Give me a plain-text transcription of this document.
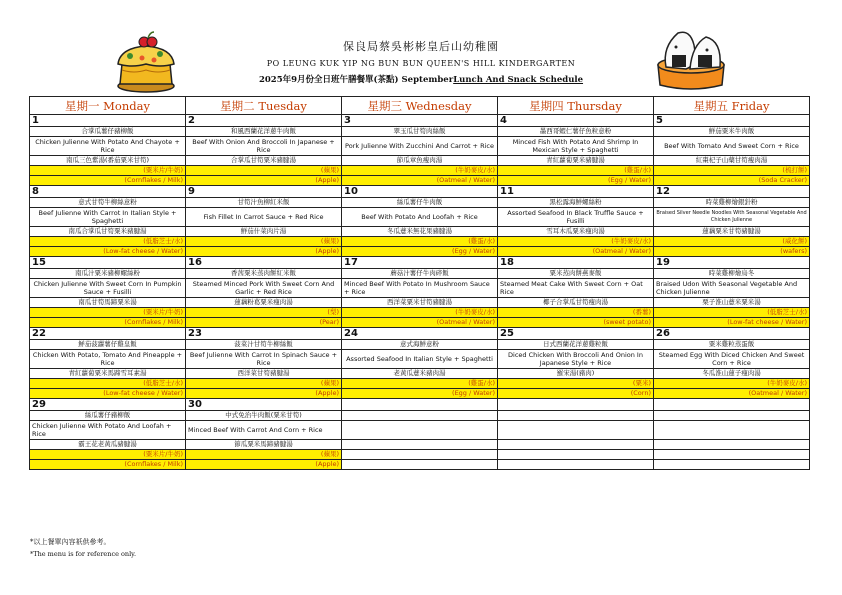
保良局蔡吳彬彬皇后山幼稚園
PO LEUNG KUK YIP NG BUN BUN QUEEN'S HILL KINDERGARTEN
2025年9月份全日班午膳餐單(茶點) SeptemberLunch And Snack Schedule
星期一 Monday	星期二 Tuesday	星期三 Wednesday	星期四 Thursday	星期五 Friday
1	2	3	4	5
合掌瓜薯仔豬柳飯	和風西蘭花洋蔥牛肉飯	翠玉瓜甘筍肉絲飯	墨西哥蝦仁薯仔魚粒意粉	鮮茄粟米牛肉飯
Chicken Julienne With Potato And Chayote + Rice	Beef With Onion And Broccoli In Japanese + Rice	Pork Julienne With Zucchini And Carrot + Rice	Minced Fish With Potato And Shrimp In Mexican Style + Spaghetti	Beef With Tomato And Sweet Corn + Rice
南瓜三色紫湯(番茄粟米甘筍)	合掌瓜甘筍粟米豬腱湯	節瓜章魚瘦肉湯	青紅蘿蔔粟米豬腱湯	紅棗杞子山藥甘筍瘦肉湯
(粟米片/牛奶)	(蘋果)	(牛奶麥皮/水)	(雞蛋/水)	(梳打餅)
(Cornflakes / Milk)	(Apple)	(Oatmeal / Water)	(Egg / Water)	(Soda Cracker)
8	9	10	11	12
意式甘筍牛柳絲意粉	甘筍汁魚柳紅米飯	絲瓜薯仔牛肉飯	黑松露海鮮螺絲粉	時菜雞柳燴銀針粉
Beef Julienne With Carrot In Italian Style + Spaghetti	Fish Fillet In Carrot Sauce + Red Rice	Beef With Potato And Loofah + Rice	Assorted Seafood In Black Truffle Sauce + Fusilli	Braised Silver Needle Noodles With Seasonal Vegetable And Chicken Julienne
南瓜合掌瓜甘筍粟米豬腱湯	鮮茄什菜肉片湯	冬瓜薏米無花果豬腱湯	雪耳木瓜粟米瘦肉湯	蓮藕粟米甘筍豬腱湯
(低脂芝士/水)	(蘋果)	(雞蛋/水)	(牛奶麥皮/水)	(威化餅)
(Low-fat cheese / Water)	(Apple)	(Egg / Water)	(Oatmeal / Water)	(wafers)
15	16	17	18	19
南瓜汁粟米豬柳螺絲粉	香茜粟米蒸肉餅紅米飯	蘑菇汁薯仔牛肉碎飯	粟米蒸肉餅燕麥飯	時菜雞柳燴烏冬
Chicken Julienne With Sweet Corn In Pumpkin Sauce + Fusilli	Steamed Minced Pork With Sweet Corn And Garlic + Red Rice	Minced Beef With Potato In Mushroom Sauce + Rice	Steamed Meat Cake With Sweet Corn + Oat Rice	Braised Udon With Seasonal Vegetable And Chicken Julienne
南瓜甘筍馬蹄粟米湯	蓮藕粉葛粟米瘦肉湯	西洋菜粟米甘筍豬腱湯	椰子合掌瓜甘筍瘦肉湯	栗子淮山薏米粟米湯
(粟米片/牛奶)	(梨)	(牛奶麥皮/水)	(番薯)	(低脂芝士/水)
(Cornflakes / Milk)	(Pear)	(Oatmeal / Water)	(sweet potato)	(Low-fat cheese / Water)
22	23	24	25	26
鮮茄菠蘿薯仔雞皇飯	菠菜汁甘筍牛柳絲飯	意式海鮮意粉	日式西蘭花洋蔥雞粒飯	粟米雞粒蒸蛋飯
Chicken With Potato, Tomato And Pineapple + Rice	Beef Julienne With Carrot In Spinach Sauce + Rice	Assorted Seafood In Italian Style + Spaghetti	Diced Chicken With Broccoli And Onion In Japanese Style + Rice	Steamed Egg With Diced Chicken And Sweet Corn + Rice
青紅蘿蔔粟米馬蹄雪耳素湯	西洋菜甘筍豬腱湯	老黃瓜薏米豬肉湯	羅宋湯(豬肉)	冬瓜淮山蓮子瘦肉湯
(低脂芝士/水)	(蘋果)	(雞蛋/水)	(粟米)	(牛奶麥皮/水)
(Low-fat cheese / Water)	(Apple)	(Egg / Water)	(Corn)	(Oatmeal / Water)
29	30			
絲瓜薯仔豬柳飯	中式免治牛肉飯(粟米甘筍)			
Chicken Julienne With Potato And Loofah + Rice	Minced Beef With Carrot And Corn + Rice			
霸王花老黃瓜豬腱湯	節瓜粟米馬蹄豬腱湯			
(粟米片/牛奶)	(蘋果)			
(Cornflakes / Milk)	(Apple)			
*以上餐單內容祇供參考。
*The menu is for reference only.
